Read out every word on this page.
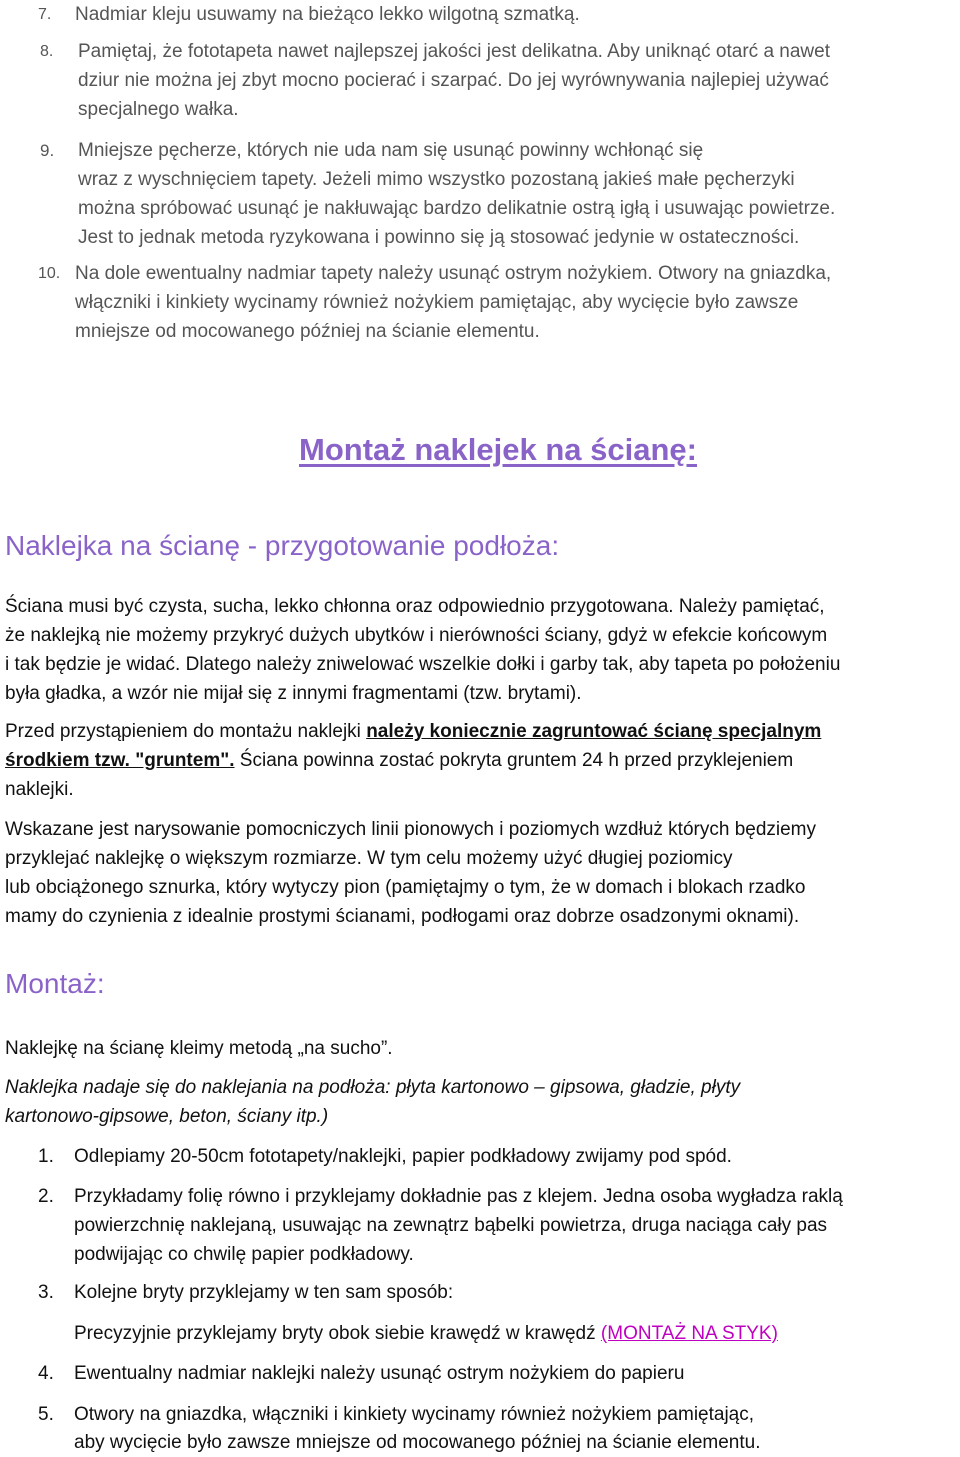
7.	Nadmiar kleju usuwamy na bieżąco lekko wilgotną szmatką.
8.	Pamiętaj, że fototapeta nawet najlepszej jakości jest delikatna. Aby uniknąć otarć a nawet
dziur nie można jej zbyt mocno pocierać i szarpać. Do jej wyrównywania najlepiej używać
specjalnego wałka.
9.	Mniejsze pęcherze, których nie uda nam się usunąć powinny wchłonąć się
wraz z wyschnięciem tapety. Jeżeli mimo wszystko pozostaną jakieś małe pęcherzyki
można spróbować usunąć je nakłuwając bardzo delikatnie ostrą igłą i usuwając powietrze.
Jest to jednak metoda ryzykowana i powinno się ją stosować jedynie w ostateczności.
10. Na dole ewentualny nadmiar tapety należy usunąć ostrym nożykiem. Otwory na gniazdka,
włączniki i kinkiety wycinamy również nożykiem pamiętając, aby wycięcie było zawsze
mniejsze od mocowanego później na ścianie elementu.
Montaż naklejek na ścianę:
Naklejka na ścianę - przygotowanie podłoża:
Ściana musi być czysta, sucha, lekko chłonna oraz odpowiednio przygotowana. Należy pamiętać,
że naklejką nie możemy przykryć dużych ubytków i nierówności ściany, gdyż w efekcie końcowym
i tak będzie je widać. Dlatego należy zniwelować wszelkie dołki i garby tak, aby tapeta po położeniu
była gładka, a wzór nie mijał się z innymi fragmentami (tzw. brytami).
Przed przystąpieniem do montażu naklejki należy koniecznie zagruntować ścianę specjalnym
środkiem tzw. "gruntem". Ściana powinna zostać pokryta gruntem 24 h przed przyklejeniem
naklejki.
Wskazane jest narysowanie pomocniczych linii pionowych i poziomych wzdłuż których będziemy
przyklejać naklejkę o większym rozmiarze. W tym celu możemy użyć długiej poziomicy
lub obciążonego sznurka, który wytyczy pion (pamiętajmy o tym, że w domach i blokach rzadko
mamy do czynienia z idealnie prostymi ścianami, podłogami oraz dobrze osadzonymi oknami).
Montaż:
Naklejkę na ścianę kleimy metodą „na sucho”.
Naklejka nadaje się do naklejania na podłoża: płyta kartonowo – gipsowa, gładzie, płyty
kartonowo-gipsowe, beton, ściany itp.)
1.	Odlepiamy 20-50cm fototapety/naklejki, papier podkładowy zwijamy pod spód.
2.	Przykładamy folię równo i przyklejamy dokładnie pas z klejem. Jedna osoba wygładza raklą
powierzchnię naklejaną, usuwając na zewnątrz bąbelki powietrza, druga naciąga cały pas
podwijając co chwilę papier podkładowy.
3.	Kolejne bryty przyklejamy w ten sam sposób:
Precyzyjnie przyklejamy bryty obok siebie krawędź w krawędź (MONTAŻ NA STYK)
4.	Ewentualny nadmiar naklejki należy usunąć ostrym nożykiem do papieru
5.	Otwory na gniazdka, włączniki i kinkiety wycinamy również nożykiem pamiętając,
aby wycięcie było zawsze mniejsze od mocowanego później na ścianie elementu.
